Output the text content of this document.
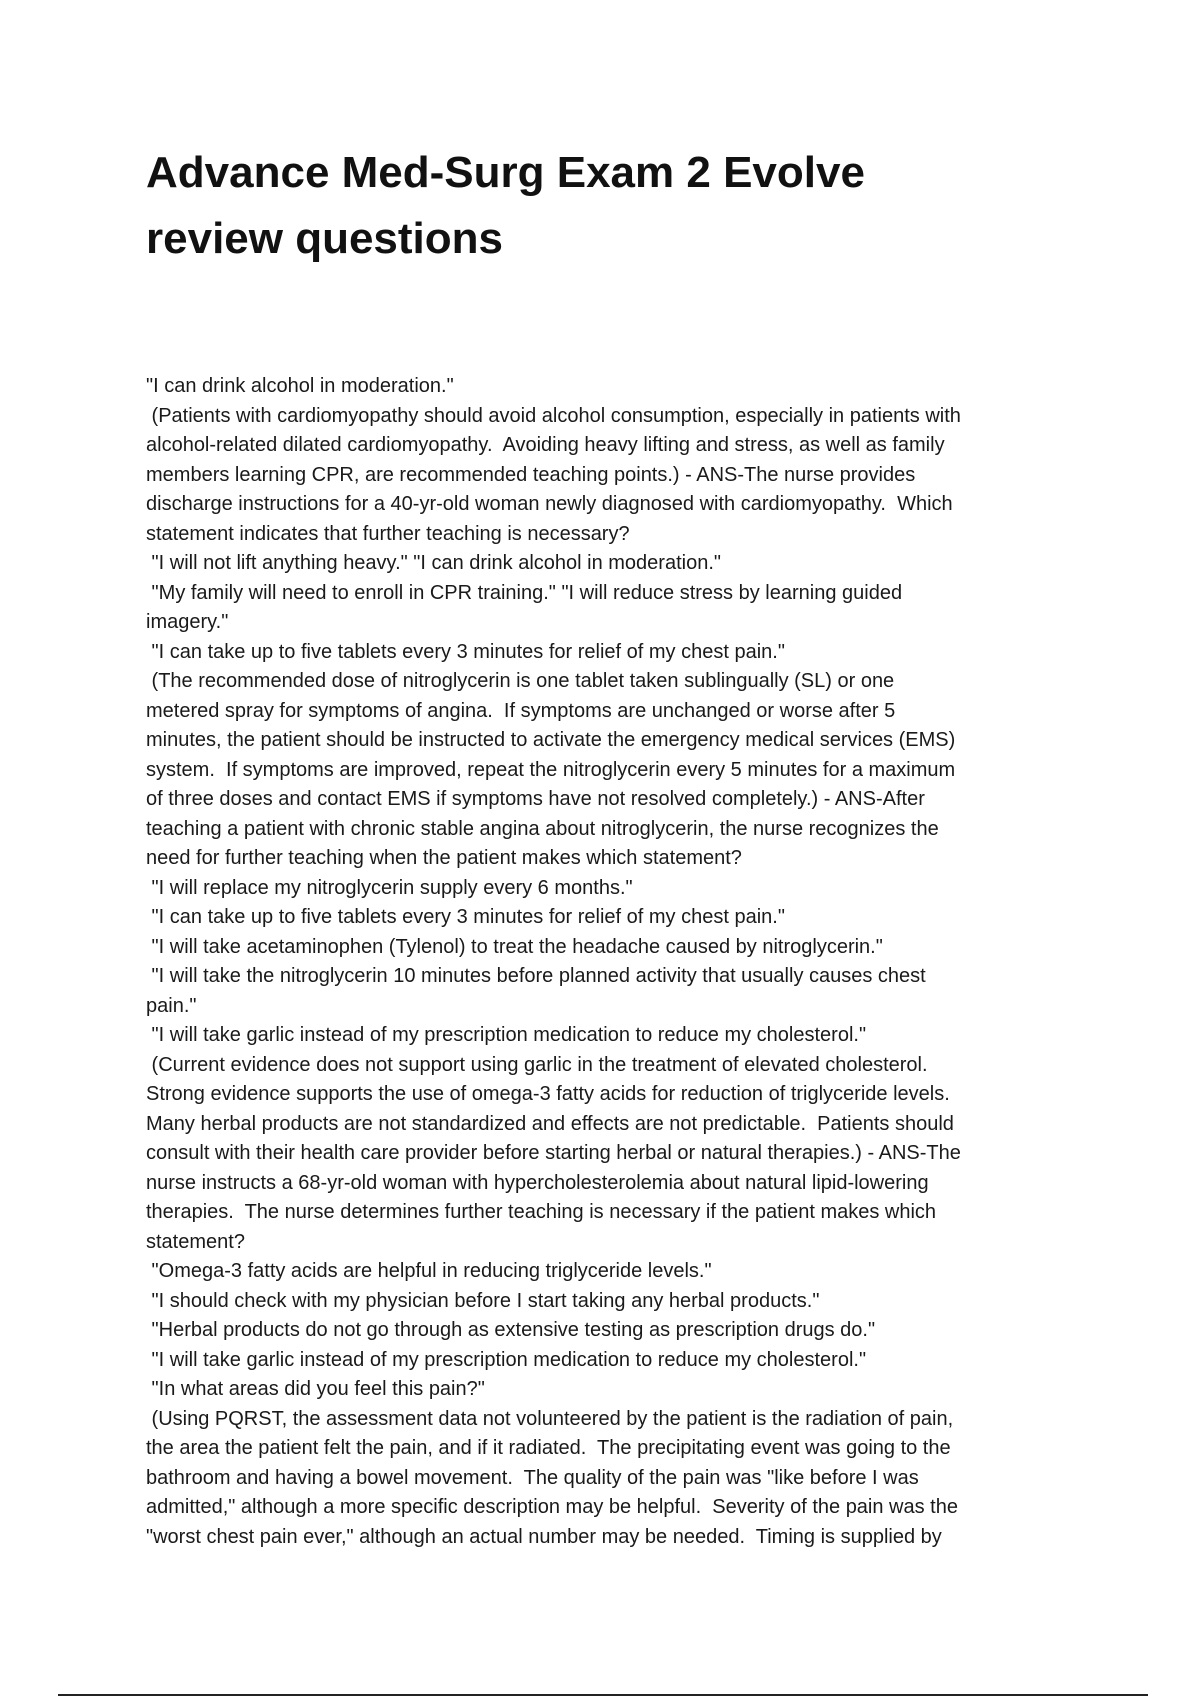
Advance Med-Surg Exam 2 Evolve
review questions
"I can drink alcohol in moderation."
(Patients with cardiomyopathy should avoid alcohol consumption, especially in patients with
alcohol-related dilated cardiomyopathy.  Avoiding heavy lifting and stress, as well as family
members learning CPR, are recommended teaching points.) - ANS-The nurse provides
discharge instructions for a 40-yr-old woman newly diagnosed with cardiomyopathy.  Which
statement indicates that further teaching is necessary?
"I will not lift anything heavy." "I can drink alcohol in moderation."
"My family will need to enroll in CPR training." "I will reduce stress by learning guided
imagery."
"I can take up to five tablets every 3 minutes for relief of my chest pain."
(The recommended dose of nitroglycerin is one tablet taken sublingually (SL) or one
metered spray for symptoms of angina.  If symptoms are unchanged or worse after 5
minutes, the patient should be instructed to activate the emergency medical services (EMS)
system.  If symptoms are improved, repeat the nitroglycerin every 5 minutes for a maximum
of three doses and contact EMS if symptoms have not resolved completely.) - ANS-After
teaching a patient with chronic stable angina about nitroglycerin, the nurse recognizes the
need for further teaching when the patient makes which statement?
"I will replace my nitroglycerin supply every 6 months."
"I can take up to five tablets every 3 minutes for relief of my chest pain."
"I will take acetaminophen (Tylenol) to treat the headache caused by nitroglycerin."
"I will take the nitroglycerin 10 minutes before planned activity that usually causes chest
pain."
"I will take garlic instead of my prescription medication to reduce my cholesterol."
(Current evidence does not support using garlic in the treatment of elevated cholesterol.
Strong evidence supports the use of omega-3 fatty acids for reduction of triglyceride levels.
Many herbal products are not standardized and effects are not predictable.  Patients should
consult with their health care provider before starting herbal or natural therapies.) - ANS-The
nurse instructs a 68-yr-old woman with hypercholesterolemia about natural lipid-lowering
therapies.  The nurse determines further teaching is necessary if the patient makes which
statement?
"Omega-3 fatty acids are helpful in reducing triglyceride levels."
"I should check with my physician before I start taking any herbal products."
"Herbal products do not go through as extensive testing as prescription drugs do."
"I will take garlic instead of my prescription medication to reduce my cholesterol."
"In what areas did you feel this pain?"
(Using PQRST, the assessment data not volunteered by the patient is the radiation of pain,
the area the patient felt the pain, and if it radiated.  The precipitating event was going to the
bathroom and having a bowel movement.  The quality of the pain was "like before I was
admitted," although a more specific description may be helpful.  Severity of the pain was the
"worst chest pain ever," although an actual number may be needed.  Timing is supplied by
